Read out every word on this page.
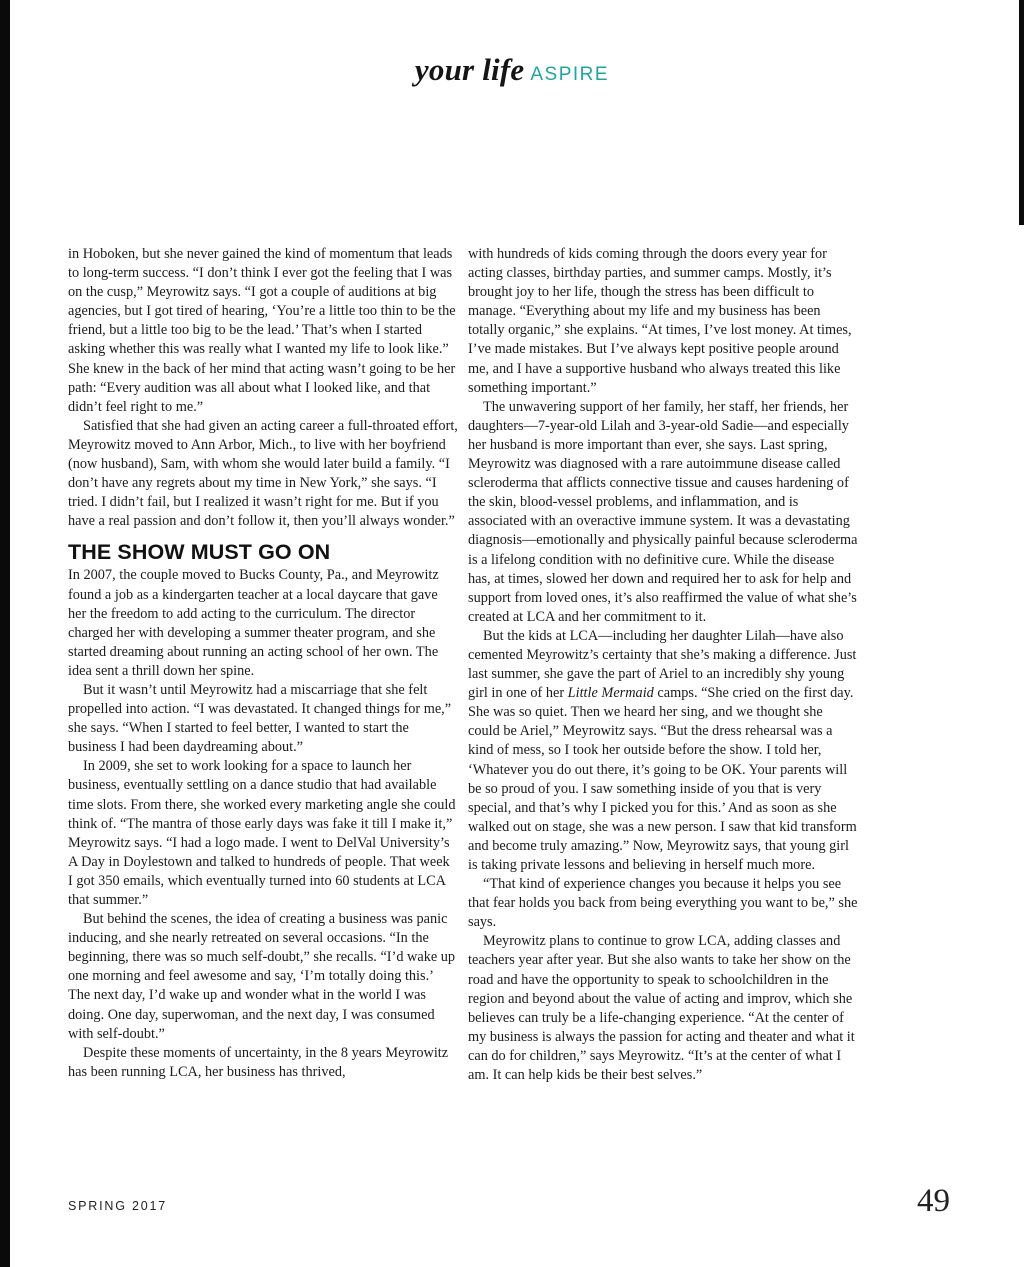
your life ASPIRE

in Hoboken, but she never gained the kind of momentum that leads to long-term success. “I don’t think I ever got the feeling that I was on the cusp,” Meyrowitz says. “I got a couple of auditions at big agencies, but I got tired of hearing, ‘You’re a little too thin to be the friend, but a little too big to be the lead.’ That’s when I started asking whether this was really what I wanted my life to look like.” She knew in the back of her mind that acting wasn’t going to be her path: “Every audition was all about what I looked like, and that didn’t feel right to me.”

Satisfied that she had given an acting career a full-throated effort, Meyrowitz moved to Ann Arbor, Mich., to live with her boyfriend (now husband), Sam, with whom she would later build a family. “I don’t have any regrets about my time in New York,” she says. “I tried. I didn’t fail, but I realized it wasn’t right for me. But if you have a real passion and don’t follow it, then you’ll always wonder.”

THE SHOW MUST GO ON

In 2007, the couple moved to Bucks County, Pa., and Meyrowitz found a job as a kindergarten teacher at a local daycare that gave her the freedom to add acting to the curriculum. The director charged her with developing a summer theater program, and she started dreaming about running an acting school of her own. The idea sent a thrill down her spine.

But it wasn’t until Meyrowitz had a miscarriage that she felt propelled into action. “I was devastated. It changed things for me,” she says. “When I started to feel better, I wanted to start the business I had been daydreaming about.”

In 2009, she set to work looking for a space to launch her business, eventually settling on a dance studio that had available time slots. From there, she worked every marketing angle she could think of. “The mantra of those early days was fake it till I make it,” Meyrowitz says. “I had a logo made. I went to DelVal University’s A Day in Doylestown and talked to hundreds of people. That week I got 350 emails, which eventually turned into 60 students at LCA that summer.”

But behind the scenes, the idea of creating a business was panic inducing, and she nearly retreated on several occasions. “In the beginning, there was so much self-doubt,” she recalls. “I’d wake up one morning and feel awesome and say, ‘I’m totally doing this.’ The next day, I’d wake up and wonder what in the world I was doing. One day, superwoman, and the next day, I was consumed with self-doubt.”

Despite these moments of uncertainty, in the 8 years Meyrowitz has been running LCA, her business has thrived,

with hundreds of kids coming through the doors every year for acting classes, birthday parties, and summer camps. Mostly, it’s brought joy to her life, though the stress has been difficult to manage. “Everything about my life and my business has been totally organic,” she explains. “At times, I’ve lost money. At times, I’ve made mistakes. But I’ve always kept positive people around me, and I have a supportive husband who always treated this like something important.”

The unwavering support of her family, her staff, her friends, her daughters—7-year-old Lilah and 3-year-old Sadie—and especially her husband is more important than ever, she says. Last spring, Meyrowitz was diagnosed with a rare autoimmune disease called scleroderma that afflicts connective tissue and causes hardening of the skin, blood-vessel problems, and inflammation, and is associated with an overactive immune system. It was a devastating diagnosis—emotionally and physically painful because scleroderma is a lifelong condition with no definitive cure. While the disease has, at times, slowed her down and required her to ask for help and support from loved ones, it’s also reaffirmed the value of what she’s created at LCA and her commitment to it.

But the kids at LCA—including her daughter Lilah—have also cemented Meyrowitz’s certainty that she’s making a difference. Just last summer, she gave the part of Ariel to an incredibly shy young girl in one of her Little Mermaid camps. “She cried on the first day. She was so quiet. Then we heard her sing, and we thought she could be Ariel,” Meyrowitz says. “But the dress rehearsal was a kind of mess, so I took her outside before the show. I told her, ‘Whatever you do out there, it’s going to be OK. Your parents will be so proud of you. I saw something inside of you that is very special, and that’s why I picked you for this.’ And as soon as she walked out on stage, she was a new person. I saw that kid transform and become truly amazing.” Now, Meyrowitz says, that young girl is taking private lessons and believing in herself much more.

“That kind of experience changes you because it helps you see that fear holds you back from being everything you want to be,” she says.

Meyrowitz plans to continue to grow LCA, adding classes and teachers year after year. But she also wants to take her show on the road and have the opportunity to speak to schoolchildren in the region and beyond about the value of acting and improv, which she believes can truly be a life-changing experience. “At the center of my business is always the passion for acting and theater and what it can do for children,” says Meyrowitz. “It’s at the center of what I am. It can help kids be their best selves.”

SPRING 2017	49
